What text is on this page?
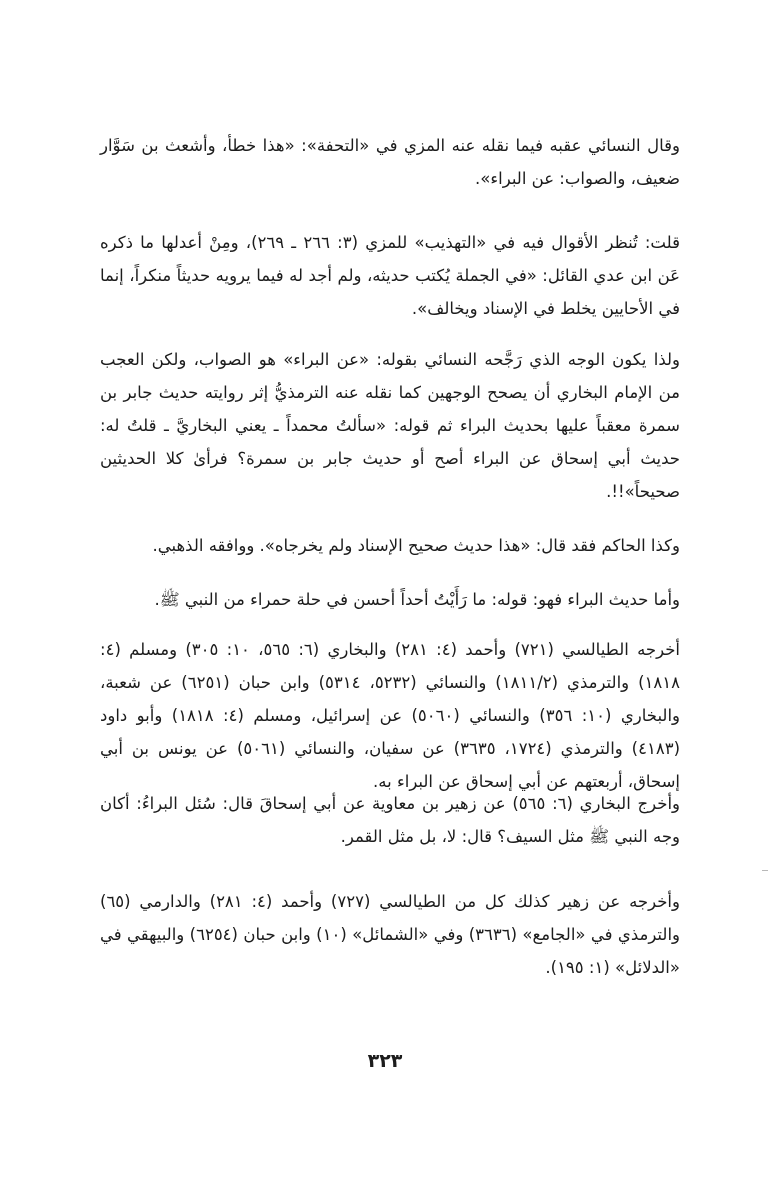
وقال النسائي عقبه فيما نقله عنه المزي في «التحفة»: «هذا خطأ، وأشعث بن سَوَّار ضعيف، والصواب: عن البراء».

قلت: تُنظر الأقوال فيه في «التهذيب» للمزي (٣: ٢٦٦ ـ ٢٦٩)، ومِنْ أعدلها ما ذكره عَن ابن عدي القائل: «في الجملة يُكتب حديثه، ولم أجد له فيما يرويه حديثاً منكراً، إنما في الأحايين يخلط في الإسناد ويخالف».

ولذا يكون الوجه الذي رَجَّحه النسائي بقوله: «عن البراء» هو الصواب، ولكن العجب من الإمام البخاري أن يصحح الوجهين كما نقله عنه الترمذيُّ إثر روايته حديث جابر بن سمرة معقباً عليها بحديث البراء ثم قوله: «سألتُ محمداً ـ يعني البخاريَّ ـ قلتُ له: حديث أبي إسحاق عن البراء أصح أو حديث جابر بن سمرة؟ فرأىٰ كلا الحديثين صحيحاً»!!.

وكذا الحاكم فقد قال: «هذا حديث صحيح الإسناد ولم يخرجاه». ووافقه الذهبي.

وأما حديث البراء فهو: قوله: ما رَأَيْتُ أحداً أحسن في حلة حمراء من النبي ﷺ.

أخرجه الطيالسي (٧٢١) وأحمد (٤: ٢٨١) والبخاري (٦: ٥٦٥، ١٠: ٣٠٥) ومسلم (٤: ١٨١٨) والترمذي (١٨١١/٢) والنسائي (٥٢٣٢، ٥٣١٤) وابن حبان (٦٢٥١) عن شعبة، والبخاري (١٠: ٣٥٦) والنسائي (٥٠٦٠) عن إسرائيل، ومسلم (٤: ١٨١٨) وأبو داود (٤١٨٣) والترمذي (١٧٢٤، ٣٦٣٥) عن سفيان، والنسائي (٥٠٦١) عن يونس بن أبي إسحاق، أربعتهم عن أبي إسحاق عن البراء به.

وأخرج البخاري (٦: ٥٦٥) عن زهير بن معاوية عن أبي إسحاقَ قال: سُئل البراءُ: أكان وجه النبي ﷺ مثل السيف؟ قال: لا، بل مثل القمر.

وأخرجه عن زهير كذلك كل من الطيالسي (٧٢٧) وأحمد (٤: ٢٨١) والدارمي (٦٥) والترمذي في «الجامع» (٣٦٣٦) وفي «الشمائل» (١٠) وابن حبان (٦٢٥٤) والبيهقي في «الدلائل» (١: ١٩٥).

٣٢٣
